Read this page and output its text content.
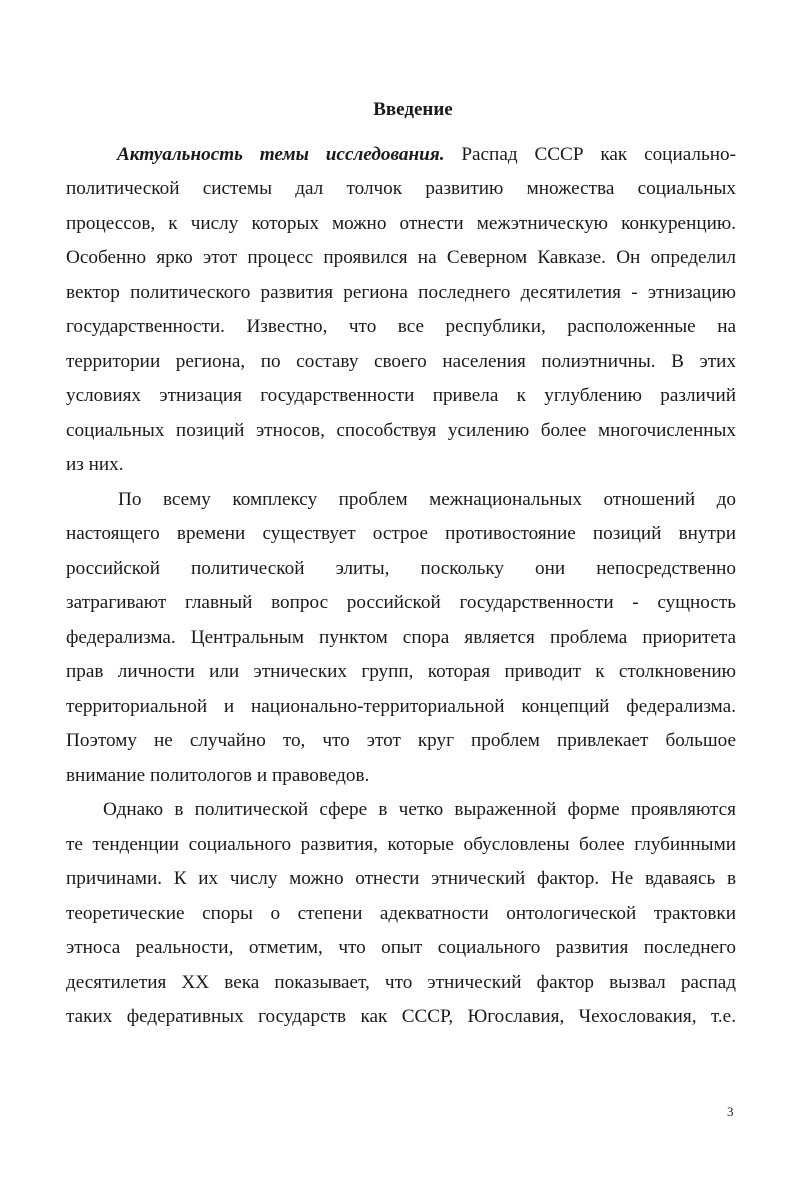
Введение
Актуальность темы исследования. Распад СССР как социально-
политической системы дал толчок развитию множества социальных
процессов, к числу которых можно отнести межэтническую конкуренцию.
Особенно ярко этот процесс проявился на Северном Кавказе. Он определил
вектор политического развития региона последнего десятилетия - этнизацию
государственности. Известно, что все республики, расположенные на
территории региона, по составу своего населения полиэтничны. В этих
условиях этнизация государственности привела к углублению различий
социальных позиций этносов, способствуя усилению более многочисленных
из них.
По всему комплексу проблем межнациональных отношений до
настоящего времени существует острое противостояние позиций внутри
российской политической элиты, поскольку они непосредственно
затрагивают главный вопрос российской государственности - сущность
федерализма. Центральным пунктом спора является проблема приоритета
прав личности или этнических групп, которая приводит к столкновению
территориальной и национально-территориальной концепций федерализма.
Поэтому не случайно то, что этот круг проблем привлекает большое
внимание политологов и правоведов.
Однако в политической сфере в четко выраженной форме проявляются
те тенденции социального развития, которые обусловлены более глубинными
причинами. К их числу можно отнести этнический фактор. Не вдаваясь в
теоретические споры о степени адекватности онтологической трактовки
этноса реальности, отметим, что опыт социального развития последнего
десятилетия XX века показывает, что этнический фактор вызвал распад
таких федеративных государств как СССР, Югославия, Чехословакия, т.е.
3
